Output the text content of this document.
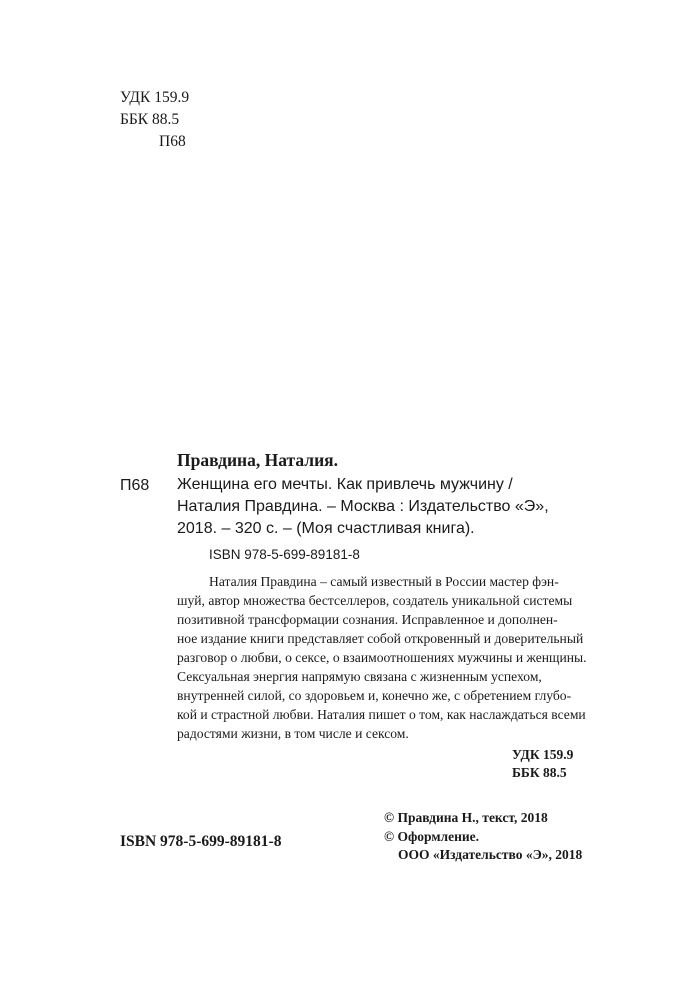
УДК 159.9
ББК 88.5
П68
Правдина, Наталия.
П68 Женщина его мечты. Как привлечь мужчину /
Наталия Правдина. – Москва : Издательство «Э»,
2018. – 320 с. – (Моя счастливая книга).
ISBN 978-5-699-89181-8
Наталия Правдина – самый известный в России мастер фэн-
шуй, автор множества бестселлеров, создатель уникальной системы
позитивной трансформации сознания. Исправленное и дополнен-
ное издание книги представляет собой откровенный и доверительный
разговор о любви, о сексе, о взаимоотношениях мужчины и женщины.
Сексуальная энергия напрямую связана с жизненным успехом,
внутренней силой, со здоровьем и, конечно же, с обретением глубо-
кой и страстной любви. Наталия пишет о том, как наслаждаться всеми
радостями жизни, в том числе и сексом.
УДК 159.9
ББК 88.5
ISBN 978-5-699-89181-8
© Правдина Н., текст, 2018
© Оформление.
ООО «Издательство «Э», 2018
